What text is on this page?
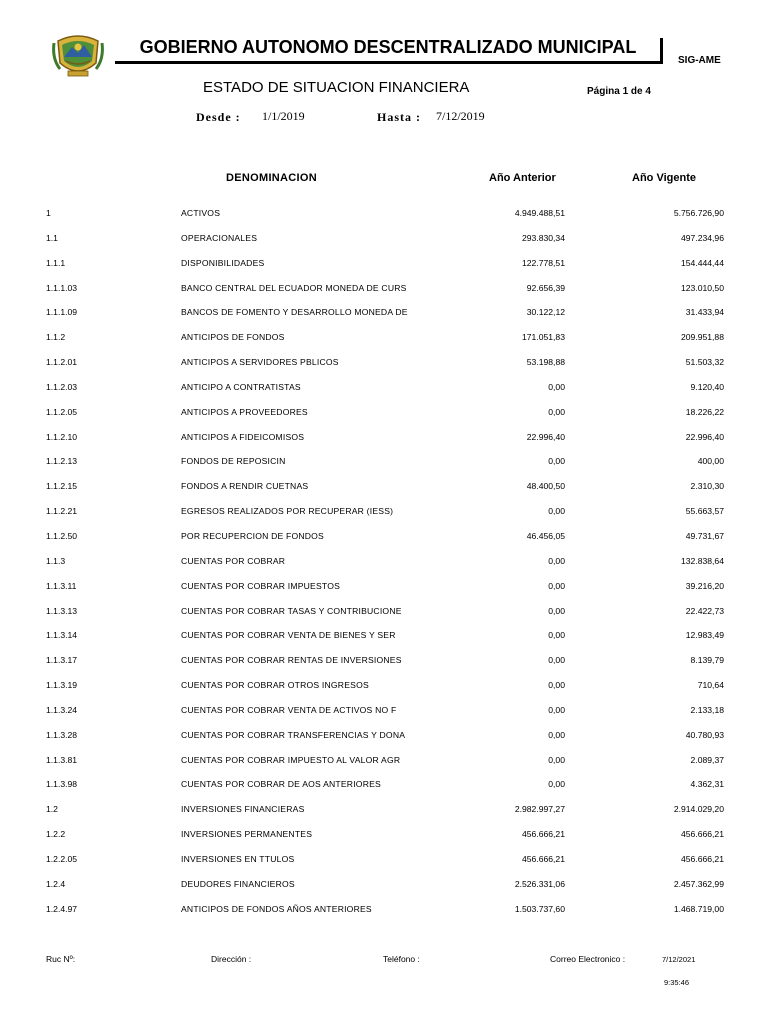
GOBIERNO AUTONOMO DESCENTRALIZADO MUNICIPAL
SIG-AME
ESTADO DE SITUACION FINANCIERA	Página 1 de 4
Desde : 1/1/2019	Hasta : 7/12/2019
DENOMINACION	Año Anterior	Año Vigente
1	ACTIVOS	4.949.488,51	5.756.726,90
1.1	OPERACIONALES	293.830,34	497.234,96
1.1.1	DISPONIBILIDADES	122.778,51	154.444,44
1.1.1.03	BANCO CENTRAL DEL ECUADOR MONEDA DE CURS	92.656,39	123.010,50
1.1.1.09	BANCOS DE FOMENTO Y DESARROLLO MONEDA DE	30.122,12	31.433,94
1.1.2	ANTICIPOS DE FONDOS	171.051,83	209.951,88
1.1.2.01	ANTICIPOS A SERVIDORES PBLICOS	53.198,88	51.503,32
1.1.2.03	ANTICIPO A CONTRATISTAS	0,00	9.120,40
1.1.2.05	ANTICIPOS A PROVEEDORES	0,00	18.226,22
1.1.2.10	ANTICIPOS A FIDEICOMISOS	22.996,40	22.996,40
1.1.2.13	FONDOS DE REPOSICIN	0,00	400,00
1.1.2.15	FONDOS A RENDIR CUETNAS	48.400,50	2.310,30
1.1.2.21	EGRESOS REALIZADOS POR RECUPERAR (IESS)	0,00	55.663,57
1.1.2.50	POR RECUPERCION DE FONDOS	46.456,05	49.731,67
1.1.3	CUENTAS POR COBRAR	0,00	132.838,64
1.1.3.11	CUENTAS POR COBRAR IMPUESTOS	0,00	39.216,20
1.1.3.13	CUENTAS POR COBRAR TASAS Y CONTRIBUCIONE	0,00	22.422,73
1.1.3.14	CUENTAS POR COBRAR VENTA DE BIENES Y SER	0,00	12.983,49
1.1.3.17	CUENTAS POR COBRAR RENTAS DE INVERSIONES	0,00	8.139,79
1.1.3.19	CUENTAS POR COBRAR OTROS INGRESOS	0,00	710,64
1.1.3.24	CUENTAS POR COBRAR VENTA DE ACTIVOS NO F	0,00	2.133,18
1.1.3.28	CUENTAS POR COBRAR TRANSFERENCIAS Y DONA	0,00	40.780,93
1.1.3.81	CUENTAS POR COBRAR IMPUESTO AL VALOR AGR	0,00	2.089,37
1.1.3.98	CUENTAS POR COBRAR DE AOS ANTERIORES	0,00	4.362,31
1.2	INVERSIONES FINANCIERAS	2.982.997,27	2.914.029,20
1.2.2	INVERSIONES PERMANENTES	456.666,21	456.666,21
1.2.2.05	INVERSIONES EN TTULOS	456.666,21	456.666,21
1.2.4	DEUDORES FINANCIEROS	2.526.331,06	2.457.362,99
1.2.4.97	ANTICIPOS DE FONDOS AÑOS ANTERIORES	1.503.737,60	1.468.719,00
Ruc Nº:	Dirección :	Teléfono :	Correo Electronico :	7/12/2021
9:35:46
